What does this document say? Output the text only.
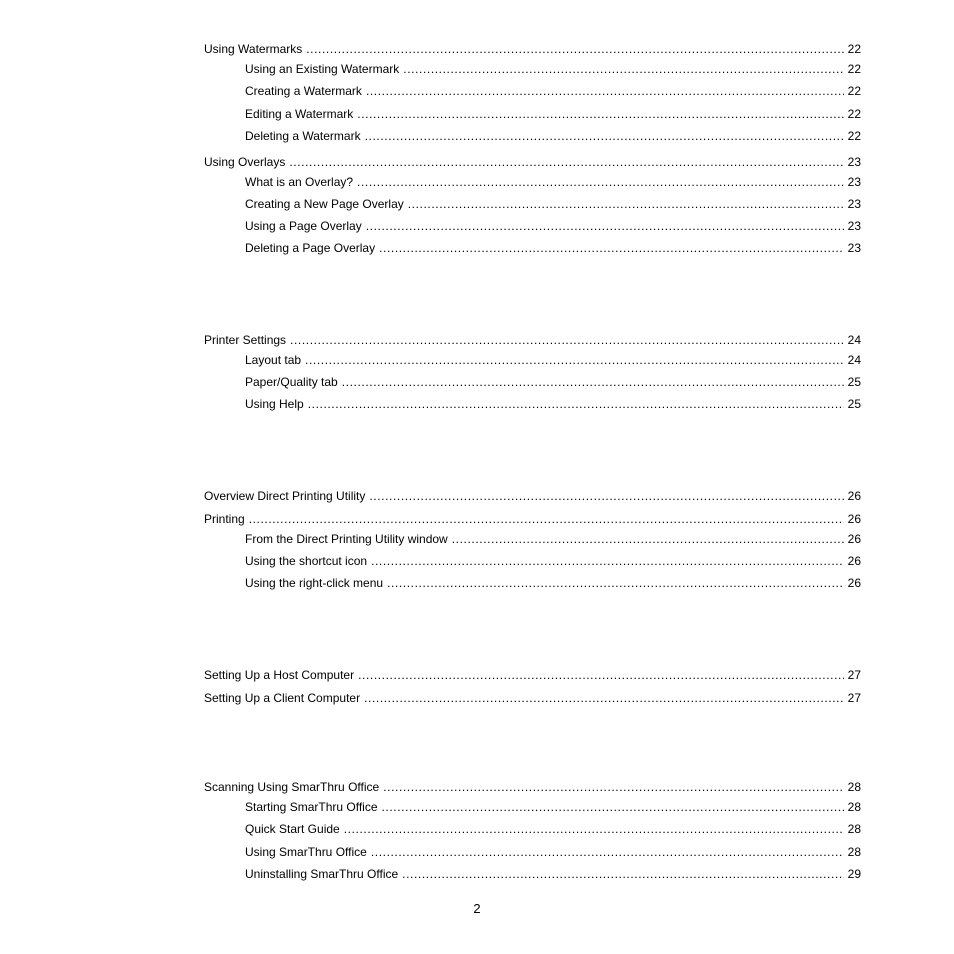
Using Watermarks .....	22
Using an Existing Watermark .....	22
Creating a Watermark .....	22
Editing a Watermark .....	22
Deleting a Watermark .....	22
Using Overlays .....	23
What is an Overlay? .....	23
Creating a New Page Overlay .....	23
Using a Page Overlay .....	23
Deleting a Page Overlay .....	23
Printer Settings .....	24
Layout tab .....	24
Paper/Quality tab .....	25
Using Help .....	25
Overview Direct Printing Utility .....	26
Printing .....	26
From the Direct Printing Utility window .....	26
Using the shortcut icon .....	26
Using the right-click menu .....	26
Setting Up a Host Computer .....	27
Setting Up a Client Computer .....	27
Scanning Using SmarThru Office .....	28
Starting SmarThru Office .....	28
Quick Start Guide .....	28
Using SmarThru Office .....	28
Uninstalling SmarThru Office .....	29
2
